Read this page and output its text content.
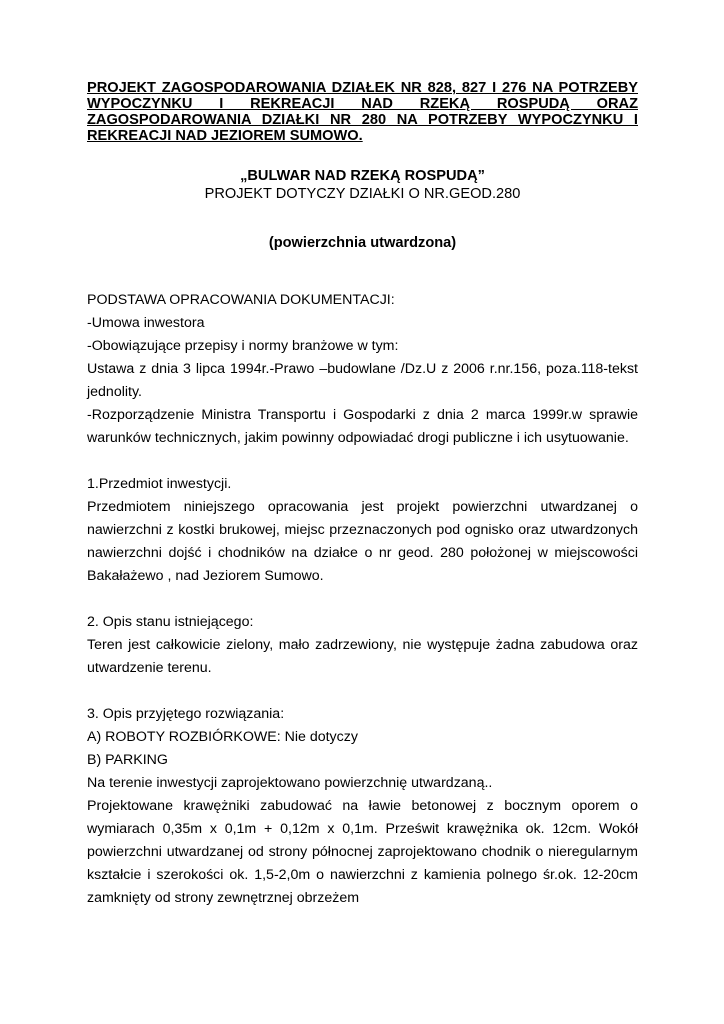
PROJEKT ZAGOSPODAROWANIA DZIAŁEK NR 828, 827 I 276 NA POTRZEBY WYPOCZYNKU I REKREACJI NAD RZEKĄ ROSPUDĄ ORAZ ZAGOSPODAROWANIA DZIAŁKI NR 280 NA POTRZEBY WYPOCZYNKU I REKREACJI NAD JEZIOREM SUMOWO.

„BULWAR NAD RZEKĄ ROSPUDĄ”

PROJEKT DOTYCZY DZIAŁKI O NR.GEOD.280

(powierzchnia utwardzona)

PODSTAWA OPRACOWANIA DOKUMENTACJI:

-Umowa inwestora

-Obowiązujące przepisy i normy branżowe w tym:

Ustawa z dnia 3 lipca 1994r.-Prawo –budowlane /Dz.U z 2006 r.nr.156, poza.118-tekst jednolity.

-Rozporządzenie Ministra Transportu i Gospodarki z dnia 2 marca 1999r.w sprawie warunków technicznych, jakim powinny odpowiadać drogi publiczne i ich usytuowanie.

1.Przedmiot inwestycji.

Przedmiotem niniejszego opracowania jest projekt powierzchni utwardzanej o nawierzchni z kostki brukowej, miejsc przeznaczonych pod ognisko oraz utwardzonych nawierzchni dojść i chodników na działce o nr geod. 280 położonej w miejscowości Bakałażewo , nad Jeziorem Sumowo.

2. Opis stanu istniejącego:

Teren jest całkowicie zielony, mało zadrzewiony, nie występuje żadna zabudowa oraz utwardzenie terenu.

3. Opis przyjętego rozwiązania:

A) ROBOTY ROZBIÓRKOWE: Nie dotyczy

B) PARKING

Na terenie inwestycji zaprojektowano powierzchnię utwardzaną..

Projektowane krawężniki zabudować na ławie betonowej z bocznym oporem o wymiarach 0,35m x 0,1m + 0,12m x 0,1m. Prześwit krawężnika ok. 12cm. Wokół powierzchni utwardzanej od strony północnej zaprojektowano chodnik o nieregularnym kształcie i szerokości ok. 1,5-2,0m o nawierzchni z kamienia polnego śr.ok. 12-20cm zamknięty od strony zewnętrznej obrzeżem
